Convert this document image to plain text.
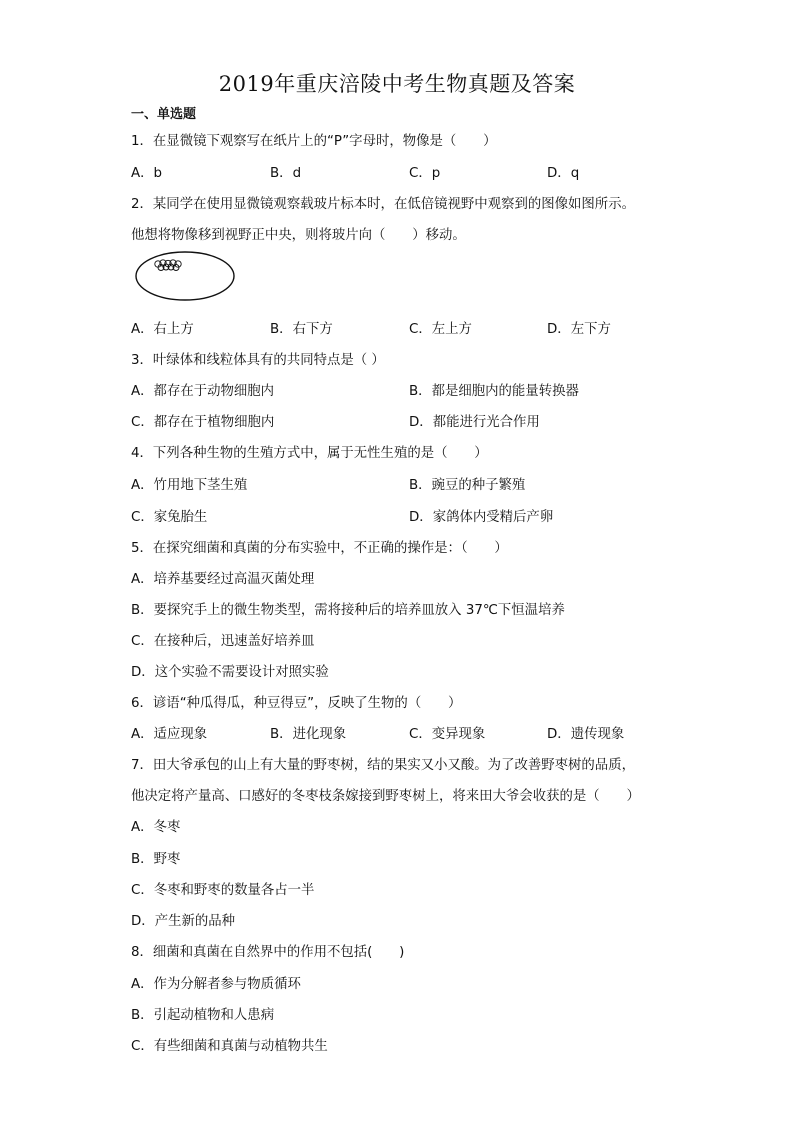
2019年重庆涪陵中考生物真题及答案
一、单选题
1．在显微镜下观察写在纸片上的“P”字母时，物像是（　　）
A．b	B．d	C．p	D．q
2．某同学在使用显微镜观察载玻片标本时，在低倍镜视野中观察到的图像如图所示。
他想将物像移到视野正中央，则将玻片向（　　）移动。
A．右上方	B．右下方	C．左上方	D．左下方
3．叶绿体和线粒体具有的共同特点是（ ）
A．都存在于动物细胞内	B．都是细胞内的能量转换器
C．都存在于植物细胞内	D．都能进行光合作用
4．下列各种生物的生殖方式中，属于无性生殖的是（　　）
A．竹用地下茎生殖	B．豌豆的种子繁殖
C．家兔胎生	D．家鸽体内受精后产卵
5．在探究细菌和真菌的分布实验中，不正确的操作是：（　　）
A．培养基要经过高温灭菌处理
B．要探究手上的微生物类型，需将接种后的培养皿放入 37℃下恒温培养
C．在接种后，迅速盖好培养皿
D．这个实验不需要设计对照实验
6．谚语“种瓜得瓜，种豆得豆”，反映了生物的（　　）
A．适应现象	B．进化现象	C．变异现象	D．遗传现象
7．田大爷承包的山上有大量的野枣树，结的果实又小又酸。为了改善野枣树的品质，
他决定将产量高、口感好的冬枣枝条嫁接到野枣树上，将来田大爷会收获的是（　　）
A．冬枣
B．野枣
C．冬枣和野枣的数量各占一半
D．产生新的品种
8．细菌和真菌在自然界中的作用不包括(　　)
A．作为分解者参与物质循环
B．引起动植物和人患病
C．有些细菌和真菌与动植物共生
